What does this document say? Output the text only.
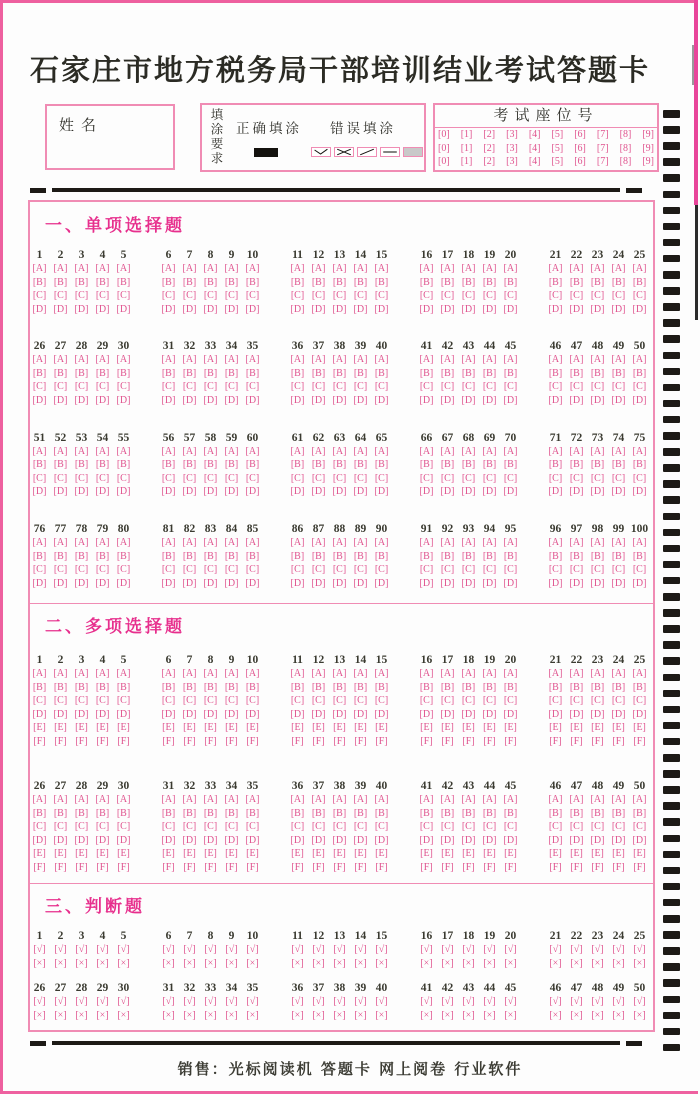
石家庄市地方税务局干部培训结业考试答题卡
姓名	填涂要求 正确填涂 错误填涂
考试座位号
[0] [1] [2] [3] [4] [5] [6] [7] [8] [9]
[0] [1] [2] [3] [4] [5] [6] [7] [8] [9]
[0] [1] [2] [3] [4] [5] [6] [7] [8] [9]
一、单项选择题
二、多项选择题
三、判断题
1
[A]
[B]
[C]
[D]
2
[A]
[B]
[C]
[D]
3
[A]
[B]
[C]
[D]
4
[A]
[B]
[C]
[D]
5
[A]
[B]
[C]
[D]
6
[A]
[B]
[C]
[D]
7
[A]
[B]
[C]
[D]
8
[A]
[B]
[C]
[D]
9
[A]
[B]
[C]
[D]
10
[A]
[B]
[C]
[D]
11
[A]
[B]
[C]
[D]
12
[A]
[B]
[C]
[D]
13
[A]
[B]
[C]
[D]
14
[A]
[B]
[C]
[D]
15
[A]
[B]
[C]
[D]
16
[A]
[B]
[C]
[D]
17
[A]
[B]
[C]
[D]
18
[A]
[B]
[C]
[D]
19
[A]
[B]
[C]
[D]
20
[A]
[B]
[C]
[D]
21
[A]
[B]
[C]
[D]
22
[A]
[B]
[C]
[D]
23
[A]
[B]
[C]
[D]
24
[A]
[B]
[C]
[D]
25
[A]
[B]
[C]
[D]
26
[A]
[B]
[C]
[D]
27
[A]
[B]
[C]
[D]
28
[A]
[B]
[C]
[D]
29
[A]
[B]
[C]
[D]
30
[A]
[B]
[C]
[D]
31
[A]
[B]
[C]
[D]
32
[A]
[B]
[C]
[D]
33
[A]
[B]
[C]
[D]
34
[A]
[B]
[C]
[D]
35
[A]
[B]
[C]
[D]
36
[A]
[B]
[C]
[D]
37
[A]
[B]
[C]
[D]
38
[A]
[B]
[C]
[D]
39
[A]
[B]
[C]
[D]
40
[A]
[B]
[C]
[D]
41
[A]
[B]
[C]
[D]
42
[A]
[B]
[C]
[D]
43
[A]
[B]
[C]
[D]
44
[A]
[B]
[C]
[D]
45
[A]
[B]
[C]
[D]
46
[A]
[B]
[C]
[D]
47
[A]
[B]
[C]
[D]
48
[A]
[B]
[C]
[D]
49
[A]
[B]
[C]
[D]
50
[A]
[B]
[C]
[D]
51
[A]
[B]
[C]
[D]
52
[A]
[B]
[C]
[D]
53
[A]
[B]
[C]
[D]
54
[A]
[B]
[C]
[D]
55
[A]
[B]
[C]
[D]
56
[A]
[B]
[C]
[D]
57
[A]
[B]
[C]
[D]
58
[A]
[B]
[C]
[D]
59
[A]
[B]
[C]
[D]
60
[A]
[B]
[C]
[D]
61
[A]
[B]
[C]
[D]
62
[A]
[B]
[C]
[D]
63
[A]
[B]
[C]
[D]
64
[A]
[B]
[C]
[D]
65
[A]
[B]
[C]
[D]
66
[A]
[B]
[C]
[D]
67
[A]
[B]
[C]
[D]
68
[A]
[B]
[C]
[D]
69
[A]
[B]
[C]
[D]
70
[A]
[B]
[C]
[D]
71
[A]
[B]
[C]
[D]
72
[A]
[B]
[C]
[D]
73
[A]
[B]
[C]
[D]
74
[A]
[B]
[C]
[D]
75
[A]
[B]
[C]
[D]
76
[A]
[B]
[C]
[D]
77
[A]
[B]
[C]
[D]
78
[A]
[B]
[C]
[D]
79
[A]
[B]
[C]
[D]
80
[A]
[B]
[C]
[D]
81
[A]
[B]
[C]
[D]
82
[A]
[B]
[C]
[D]
83
[A]
[B]
[C]
[D]
84
[A]
[B]
[C]
[D]
85
[A]
[B]
[C]
[D]
86
[A]
[B]
[C]
[D]
87
[A]
[B]
[C]
[D]
88
[A]
[B]
[C]
[D]
89
[A]
[B]
[C]
[D]
90
[A]
[B]
[C]
[D]
91
[A]
[B]
[C]
[D]
92
[A]
[B]
[C]
[D]
93
[A]
[B]
[C]
[D]
94
[A]
[B]
[C]
[D]
95
[A]
[B]
[C]
[D]
96
[A]
[B]
[C]
[D]
97
[A]
[B]
[C]
[D]
98
[A]
[B]
[C]
[D]
99
[A]
[B]
[C]
[D]
100
[A]
[B]
[C]
[D]
1
[A]
[B]
[C]
[D]
[E]
[F]
2
[A]
[B]
[C]
[D]
[E]
[F]
3
[A]
[B]
[C]
[D]
[E]
[F]
4
[A]
[B]
[C]
[D]
[E]
[F]
5
[A]
[B]
[C]
[D]
[E]
[F]
6
[A]
[B]
[C]
[D]
[E]
[F]
7
[A]
[B]
[C]
[D]
[E]
[F]
8
[A]
[B]
[C]
[D]
[E]
[F]
9
[A]
[B]
[C]
[D]
[E]
[F]
10
[A]
[B]
[C]
[D]
[E]
[F]
11
[A]
[B]
[C]
[D]
[E]
[F]
12
[A]
[B]
[C]
[D]
[E]
[F]
13
[A]
[B]
[C]
[D]
[E]
[F]
14
[A]
[B]
[C]
[D]
[E]
[F]
15
[A]
[B]
[C]
[D]
[E]
[F]
16
[A]
[B]
[C]
[D]
[E]
[F]
17
[A]
[B]
[C]
[D]
[E]
[F]
18
[A]
[B]
[C]
[D]
[E]
[F]
19
[A]
[B]
[C]
[D]
[E]
[F]
20
[A]
[B]
[C]
[D]
[E]
[F]
21
[A]
[B]
[C]
[D]
[E]
[F]
22
[A]
[B]
[C]
[D]
[E]
[F]
23
[A]
[B]
[C]
[D]
[E]
[F]
24
[A]
[B]
[C]
[D]
[E]
[F]
25
[A]
[B]
[C]
[D]
[E]
[F]
26
[A]
[B]
[C]
[D]
[E]
[F]
27
[A]
[B]
[C]
[D]
[E]
[F]
28
[A]
[B]
[C]
[D]
[E]
[F]
29
[A]
[B]
[C]
[D]
[E]
[F]
30
[A]
[B]
[C]
[D]
[E]
[F]
31
[A]
[B]
[C]
[D]
[E]
[F]
32
[A]
[B]
[C]
[D]
[E]
[F]
33
[A]
[B]
[C]
[D]
[E]
[F]
34
[A]
[B]
[C]
[D]
[E]
[F]
35
[A]
[B]
[C]
[D]
[E]
[F]
36
[A]
[B]
[C]
[D]
[E]
[F]
37
[A]
[B]
[C]
[D]
[E]
[F]
38
[A]
[B]
[C]
[D]
[E]
[F]
39
[A]
[B]
[C]
[D]
[E]
[F]
40
[A]
[B]
[C]
[D]
[E]
[F]
41
[A]
[B]
[C]
[D]
[E]
[F]
42
[A]
[B]
[C]
[D]
[E]
[F]
43
[A]
[B]
[C]
[D]
[E]
[F]
44
[A]
[B]
[C]
[D]
[E]
[F]
45
[A]
[B]
[C]
[D]
[E]
[F]
46
[A]
[B]
[C]
[D]
[E]
[F]
47
[A]
[B]
[C]
[D]
[E]
[F]
48
[A]
[B]
[C]
[D]
[E]
[F]
49
[A]
[B]
[C]
[D]
[E]
[F]
50
[A]
[B]
[C]
[D]
[E]
[F]
1
[√]
[×]
2
[√]
[×]
3
[√]
[×]
4
[√]
[×]
5
[√]
[×]
6
[√]
[×]
7
[√]
[×]
8
[√]
[×]
9
[√]
[×]
10
[√]
[×]
11
[√]
[×]
12
[√]
[×]
13
[√]
[×]
14
[√]
[×]
15
[√]
[×]
16
[√]
[×]
17
[√]
[×]
18
[√]
[×]
19
[√]
[×]
20
[√]
[×]
21
[√]
[×]
22
[√]
[×]
23
[√]
[×]
24
[√]
[×]
25
[√]
[×]
26
[√]
[×]
27
[√]
[×]
28
[√]
[×]
29
[√]
[×]
30
[√]
[×]
31
[√]
[×]
32
[√]
[×]
33
[√]
[×]
34
[√]
[×]
35
[√]
[×]
36
[√]
[×]
37
[√]
[×]
38
[√]
[×]
39
[√]
[×]
40
[√]
[×]
41
[√]
[×]
42
[√]
[×]
43
[√]
[×]
44
[√]
[×]
45
[√]
[×]
46
[√]
[×]
47
[√]
[×]
48
[√]
[×]
49
[√]
[×]
50
[√]
[×]
销售：光标阅读机 答题卡 网上阅卷 行业软件
